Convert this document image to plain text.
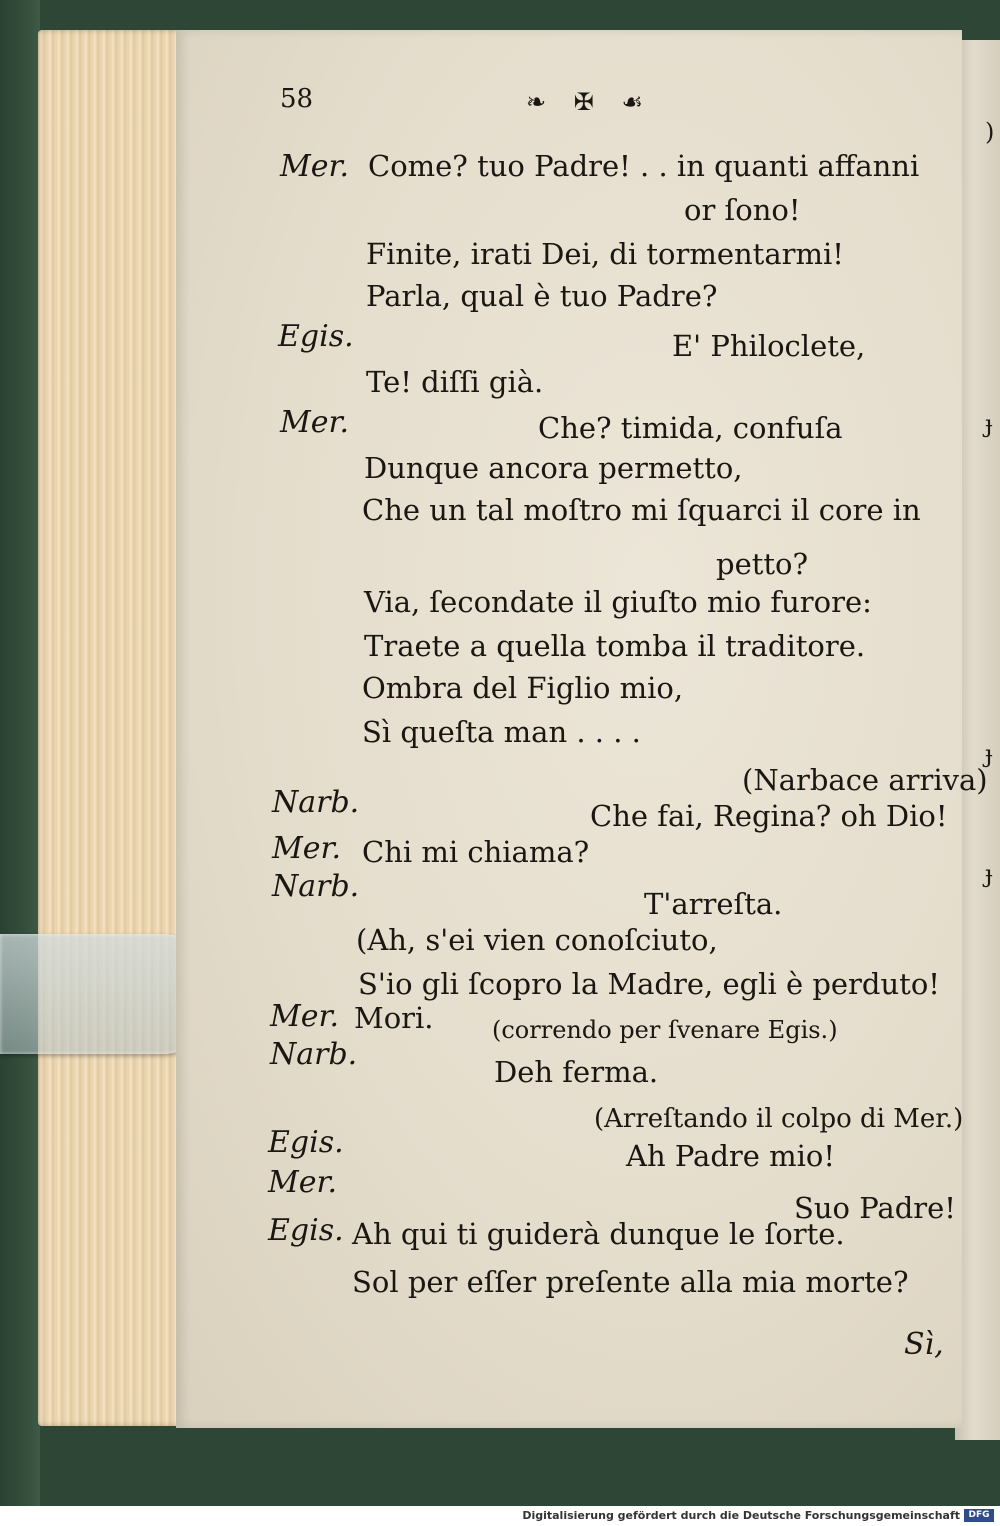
)
ɟ
ɟ
ɟ
58	❧ ✠ ☙
Mer. Come? tuo Padre! . . in quanti affanni
or ſono!
Finite, irati Dei, di tormentarmi!
Parla, qual è tuo Padre?
Egis.	E' Philoclete,
Te! diſſi già.
Mer.	Che? timida, confuſa
Dunque ancora permetto,
Che un tal moſtro mi ſquarci il core in
petto?
Via, ſecondate il giuſto mio furore:
Traete a quella tomba il traditore.
Ombra del Figlio mio,
Sì queſta man . . . .
(Narbace arriva)
Narb.	Che fai, Regina? oh Dio!
Mer. Chi mi chiama?
Narb.	T'arreſta.
(Ah, s'ei vien conoſciuto,
S'io gli ſcopro la Madre, egli è perduto!
Mer. Mori. (correndo per ſvenare Egis.)
Narb.	Deh ferma.
(Arreſtando il colpo di Mer.)
Egis.	Ah Padre mio!
Mer.
Suo Padre!
Egis. Ah qui ti guiderà dunque le ſorte.
Sol per eſſer preſente alla mia morte?
Sì,
Digitalisierung gefördert durch die Deutsche Forschungsgemeinschaft DFG
